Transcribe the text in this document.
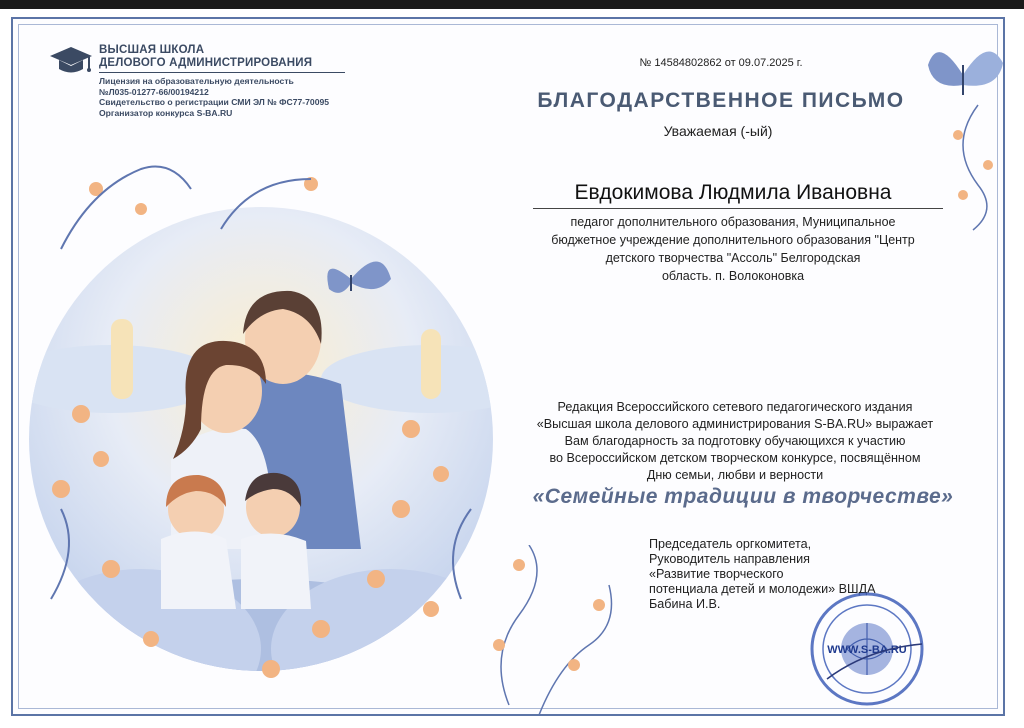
ВЫСШАЯ ШКОЛА
ДЕЛОВОГО АДМИНИСТРИРОВАНИЯ
Лицензия на образовательную деятельность
№Л035-01277-66/00194212
Свидетельство о регистрации СМИ ЭЛ № ФС77-70095
Организатор конкурса S-BA.RU
№ 14584802862 от 09.07.2025 г.
БЛАГОДАРСТВЕННОЕ ПИСЬМО
Уважаемая (-ый)
Евдокимова Людмила Ивановна
педагог дополнительного образования, Муниципальное
бюджетное учреждение дополнительного образования "Центр
детского творчества "Ассоль" Белгородская
область. п. Волоконовка
Редакция Всероссийского сетевого педагогического издания
«Высшая школа делового администрирования S-BA.RU» выражает
Вам благодарность за подготовку обучающихся к участию
во Всероссийском детском творческом конкурсе, посвящённом
Дню семьи, любви и верности
«Семейные традиции в творчестве»
Председатель оргкомитета,
Руководитель направления
«Развитие творческого
потенциала детей и молодежи» ВШДА
Бабина И.В.
WWW.S-BA.RU
